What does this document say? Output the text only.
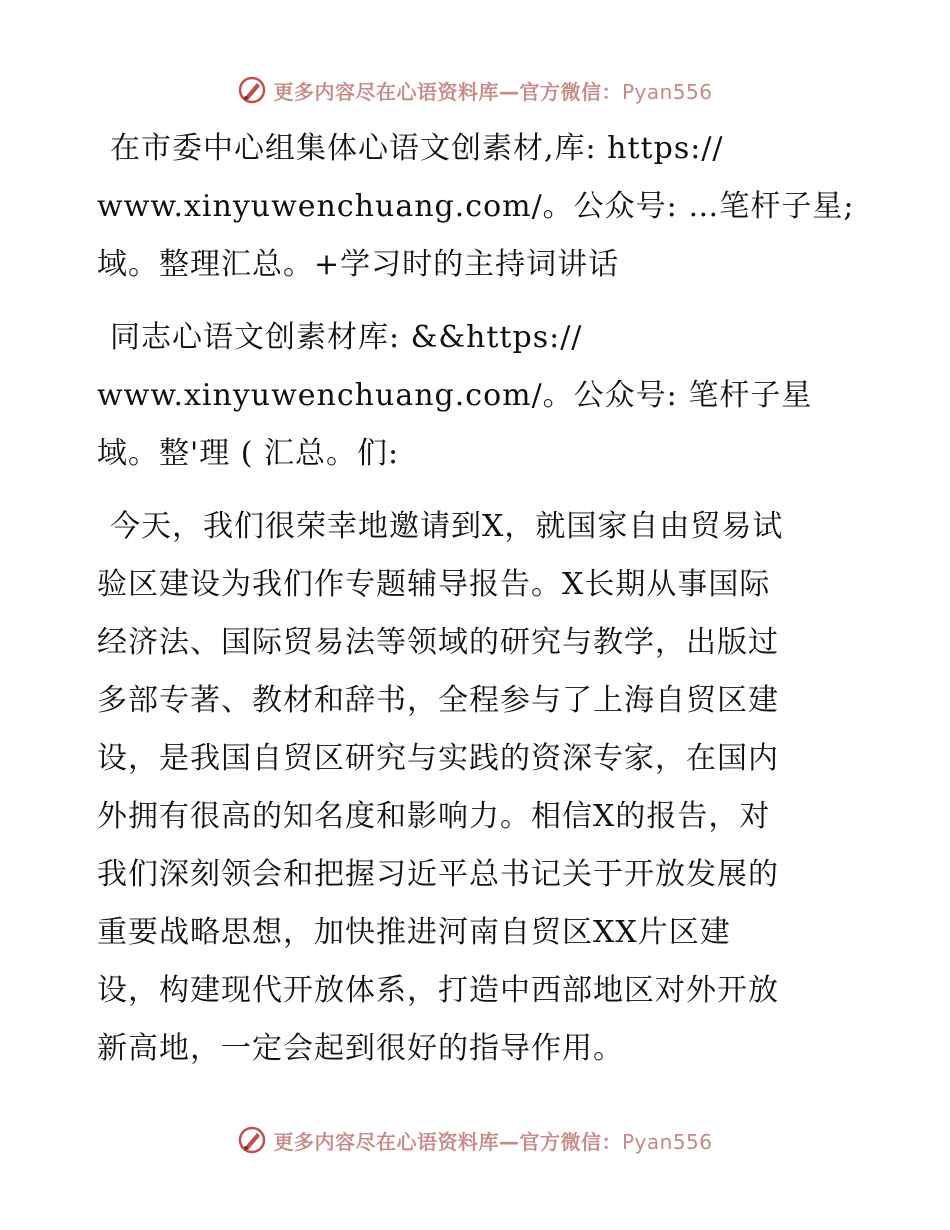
更多内容尽在心语资料库—官方微信：Pyan556
在市委中心组集体心语文创素材,库: https://
www.xinyuwenchuang.com/。公众号: …笔杆子星;
域。整理汇总。+学习时的主持词讲话
同志心语文创素材库: &&https://
www.xinyuwenchuang.com/。公众号: 笔杆子星
域。整'理 ( 汇总。们:
今天，我们很荣幸地邀请到X，就国家自由贸易试
验区建设为我们作专题辅导报告。X长期从事国际
经济法、国际贸易法等领域的研究与教学，出版过
多部专著、教材和辞书，全程参与了上海自贸区建
设，是我国自贸区研究与实践的资深专家，在国内
外拥有很高的知名度和影响力。相信X的报告，对
我们深刻领会和把握习近平总书记关于开放发展的
重要战略思想，加快推进河南自贸区XX片区建
设，构建现代开放体系，打造中西部地区对外开放
新高地，一定会起到很好的指导作用。
更多内容尽在心语资料库—官方微信：Pyan556
